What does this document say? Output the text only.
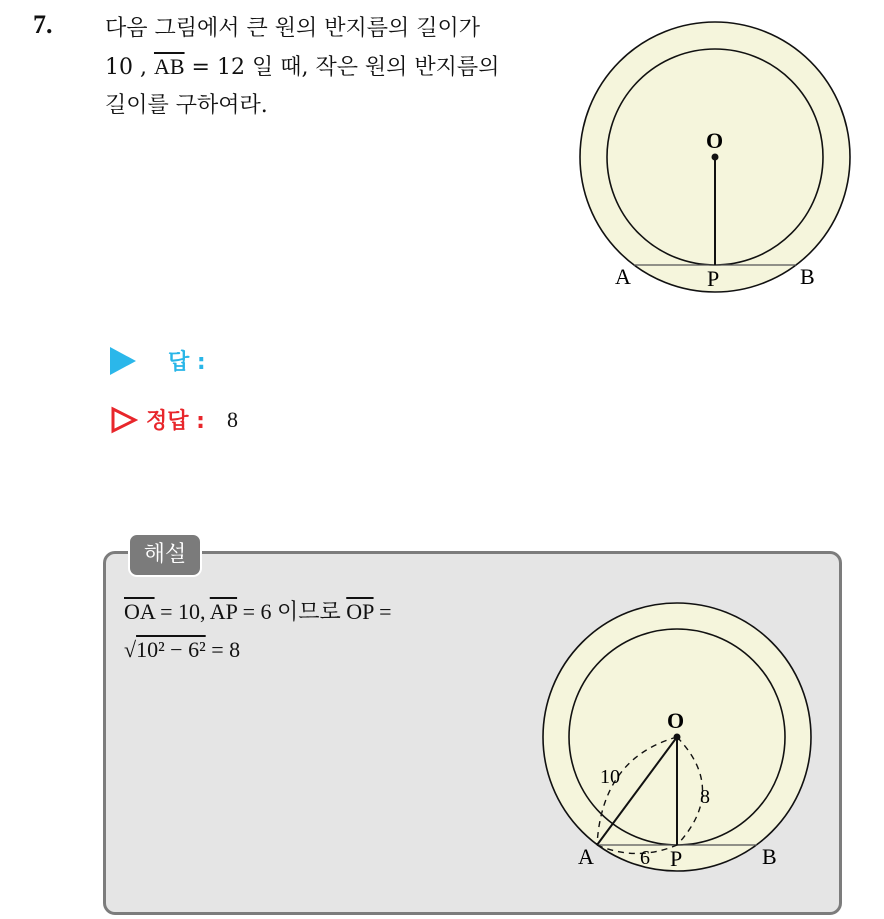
7. 다음 그림에서 큰 원의 반지름의 길이가
10 , $\overline{AB} = 12$ 일 때, 작은 원의 반지름의
길이를 구하여라.
O
A	P	B
답 :
정답 : 8
해설
$\overline{OA} = 10$, $\overline{AP} = 6$ 이므로 $\overline{OP}$ =
√10² − 6² = 8
O
A	P	B
10
8
6
